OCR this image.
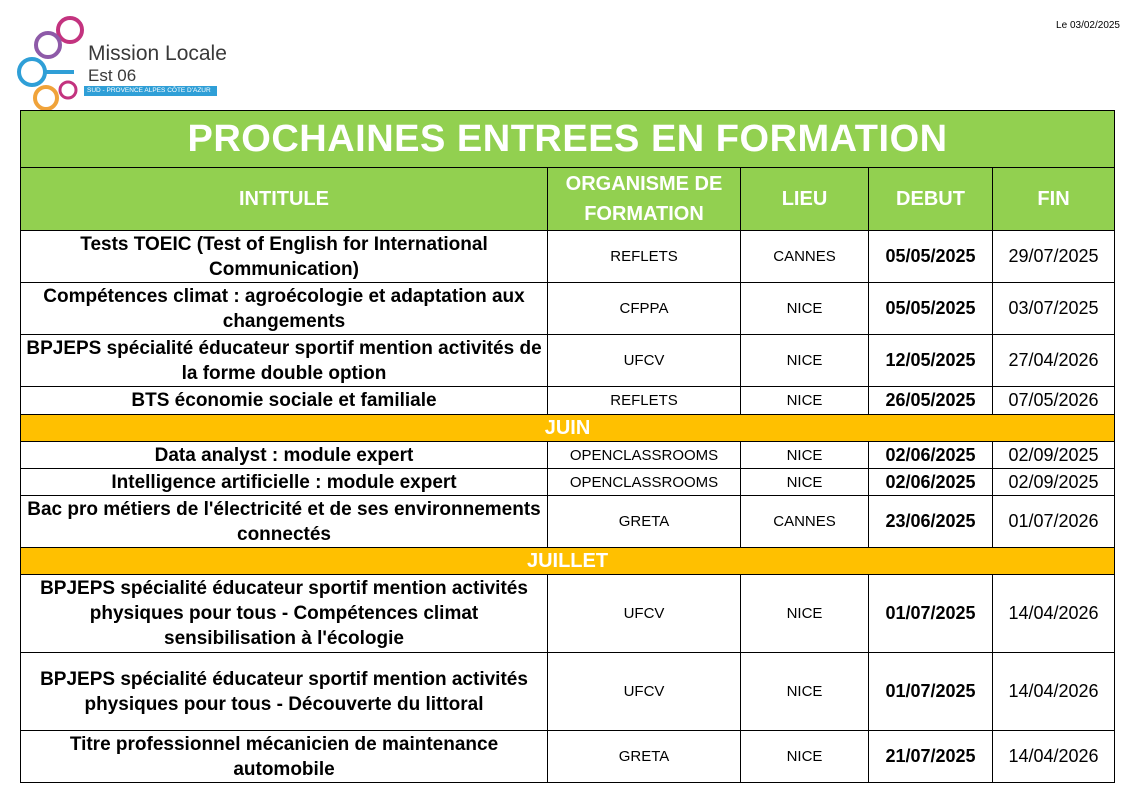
Mission Locale
Est 06
SUD - PROVENCE ALPES CÔTE D'AZUR
Le 03/02/2025
PROCHAINES ENTREES EN FORMATION				
INTITULE	ORGANISME DE FORMATION	LIEU	DEBUT	FIN
Tests TOEIC (Test of English for International Communication)	REFLETS	CANNES	05/05/2025	29/07/2025
Compétences climat : agroécologie et adaptation aux changements	CFPPA	NICE	05/05/2025	03/07/2025
BPJEPS spécialité éducateur sportif mention activités de la forme double option	UFCV	NICE	12/05/2025	27/04/2026
BTS économie sociale et familiale	REFLETS	NICE	26/05/2025	07/05/2026
JUIN				
Data analyst : module expert	OPENCLASSROOMS	NICE	02/06/2025	02/09/2025
Intelligence artificielle : module expert	OPENCLASSROOMS	NICE	02/06/2025	02/09/2025
Bac pro métiers de l'électricité et de ses environnements connectés	GRETA	CANNES	23/06/2025	01/07/2026
JUILLET				
BPJEPS spécialité éducateur sportif mention activités physiques pour tous - Compétences climat sensibilisation à l'écologie	UFCV	NICE	01/07/2025	14/04/2026
BPJEPS spécialité éducateur sportif mention activités physiques pour tous - Découverte du littoral	UFCV	NICE	01/07/2025	14/04/2026
Titre professionnel mécanicien de maintenance automobile	GRETA	NICE	21/07/2025	14/04/2026
